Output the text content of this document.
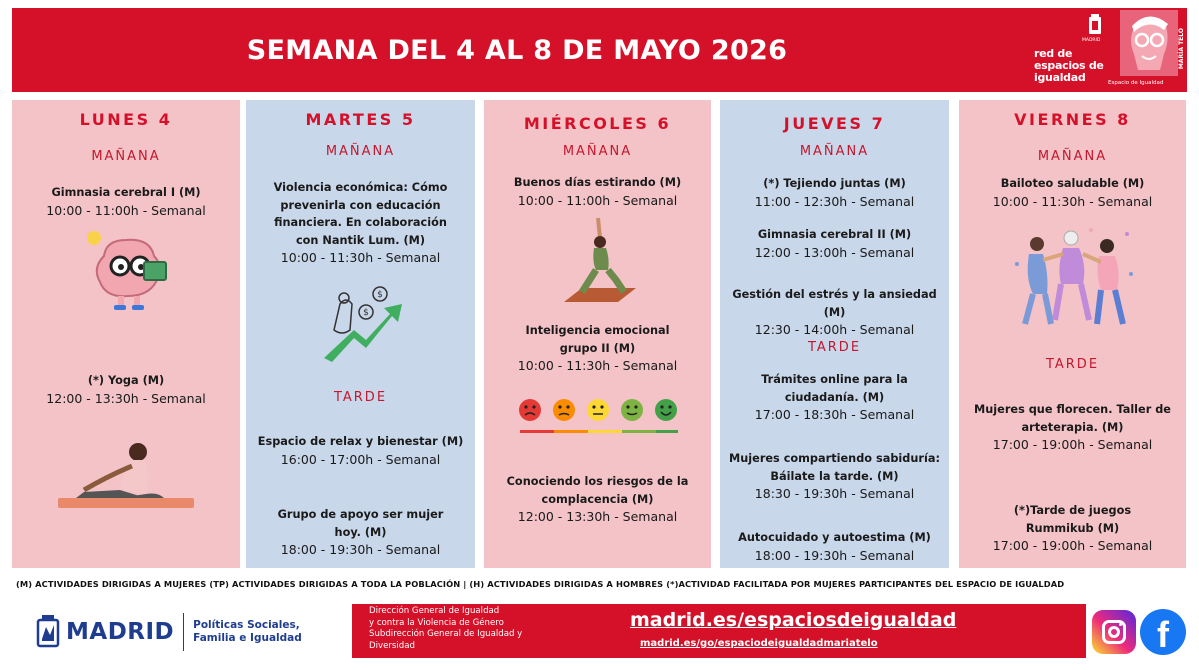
SEMANA DEL 4 AL 8 DE MAYO 2026	MADRID
red de
espacios de
igualdad	Espacio de Igualdad
MARÍA TELO
LUNES 4
MAÑANA
Gimnasia cerebral I (M)
10:00 - 11:00h - Semanal
(*) Yoga (M)
12:00 - 13:30h - Semanal
MARTES 5
MAÑANA
Violencia económica: Cómo prevenirla con educación financiera. En colaboración con Nantik Lum. (M)
10:00 - 11:30h - Semanal
$
$
TARDE
Espacio de relax y bienestar (M)
16:00 - 17:00h - Semanal
Grupo de apoyo ser mujer hoy. (M)
18:00 - 19:30h - Semanal
MIÉRCOLES 6
MAÑANA
Buenos días estirando (M)
10:00 - 11:00h - Semanal
Inteligencia emocional grupo II (M)
10:00 - 11:30h - Semanal
Conociendo los riesgos de la complacencia (M)
12:00 - 13:30h - Semanal
JUEVES 7
MAÑANA
(*) Tejiendo juntas (M)
11:00 - 12:30h - Semanal
Gimnasia cerebral II (M)
12:00 - 13:00h - Semanal
Gestión del estrés y la ansiedad (M)
12:30 - 14:00h - Semanal
TARDE
Trámites online para la ciudadanía. (M)
17:00 - 18:30h - Semanal
Mujeres compartiendo sabiduría: Báilate la tarde. (M)
18:30 - 19:30h - Semanal
Autocuidado y autoestima (M)
18:00 - 19:30h - Semanal
VIERNES 8
MAÑANA
Bailoteo saludable (M)
10:00 - 11:30h - Semanal
TARDE
Mujeres que florecen. Taller de arteterapia. (M)
17:00 - 19:00h - Semanal
(*)Tarde de juegos Rummikub (M)
17:00 - 19:00h - Semanal
(M) ACTIVIDADES DIRIGIDAS A MUJERES (TP) ACTIVIDADES DIRIGIDAS A TODA LA POBLACIÓN | (H) ACTIVIDADES DIRIGIDAS A HOMBRES (*)ACTIVIDAD FACILITADA POR MUJERES PARTICIPANTES DEL ESPACIO DE IGUALDAD
MADRID Políticas Sociales,
Familia e Igualdad
Dirección General de Igualdad
y contra la Violencia de Género
Subdirección General de Igualdad y
Diversidad
madrid.es/espaciosdeigualdad
madrid.es/go/espaciodeigualdadmariatelo	f
